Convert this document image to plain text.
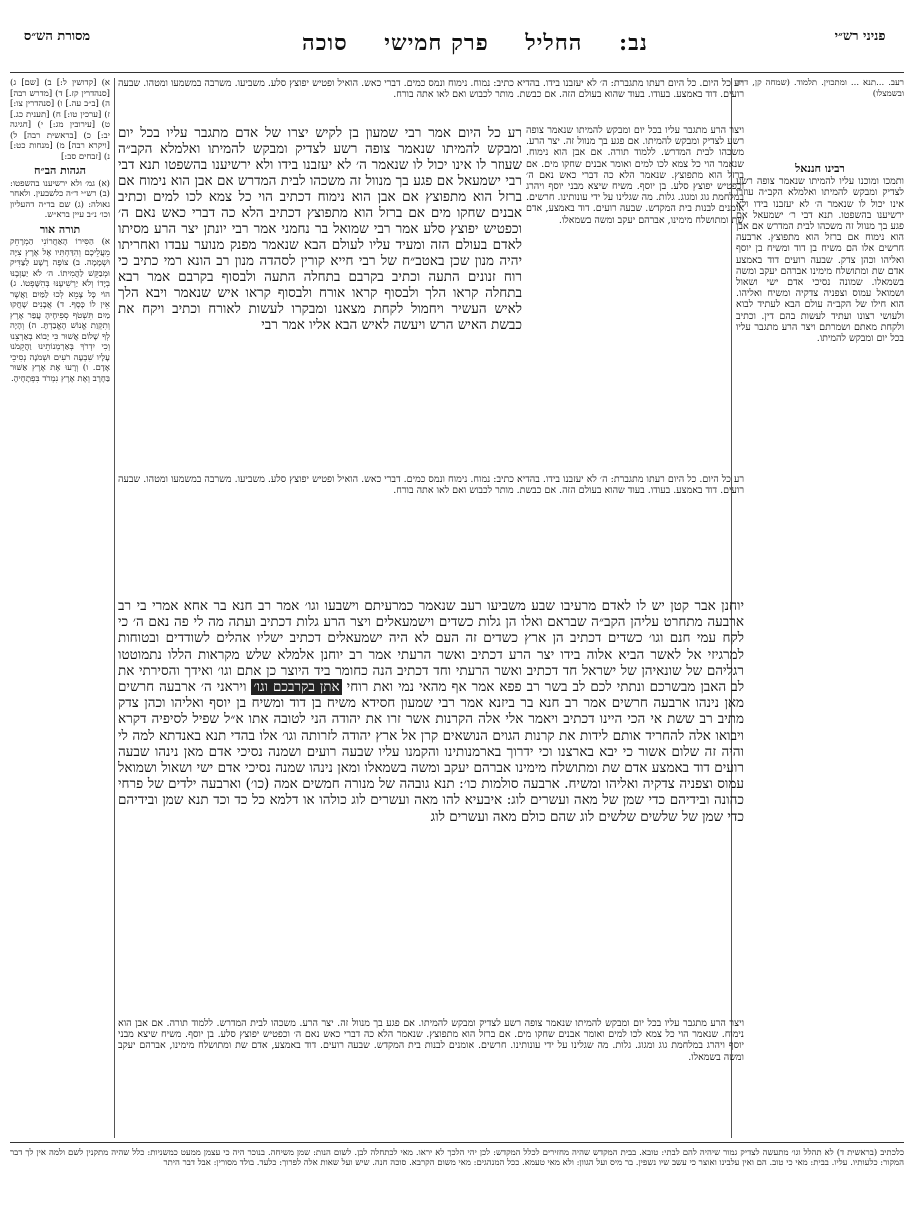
מסורת הש״ס	נב: החליל פרק חמישי סוכה	פניני רש״י
רעב. ...תנא ... ומתכוין. תלמוד. (שמחה קן, ד״ה ובשמצלו)
רבינו חננאל
ותמכו ומוכנו עליו להמיתו שנאמר צופה רשע לצדיק ומבקש להמיתו ואלמלא הקב״ה עוזרו אינו יכול לו שנאמר ה׳ לא יעזבנו בידו ולא ירשיענו בהשפטו. תנא דבי ר׳ ישמעאל אם פגע בך מנוול זה משכהו לבית המדרש אם אבן הוא נימוח אם ברזל הוא מתפוצץ. ארבעה חרשים אלו הם משיח בן דוד ומשיח בן יוסף ואליהו וכהן צדק. שבעה רועים דוד באמצע אדם שת ומתושלח מימינו אברהם יעקב ומשה בשמאלו. שמונה נסיכי אדם ישי ושאול ושמואל עמוס וצפניה צדקיה ומשיח ואליהו. הוא חילו של הקב״ה עולם הבא לעתיד לבוא ולעושי רצונו ועתיד לעשות בהם דין. וכתיב ולקחת מאתם ושמרתם ויצר הרע מתגבר עליו בכל יום ומבקש להמיתו.
א) [קדושין ל:] ב) [שם] ג) [סנהדרין קז.] ד) [מדרש רבה] ה) [ב״ב עה.] ו) [סנהדרין צו:] ז) [ערכין טו:] ח) [תענית כג.] ט) [עירובין מג:] י) [חגיגה יב:] כ) [בראשית רבה] ל) [ויקרא רבה] מ) [מנחות כט:] נ) [זבחים סב:]
הגהות הב״ח
(א) גמ׳ ולא ירשיענו בהשפטו: (ב) רש״י ד״ה כלשבעין. ולאחר גאולה: (ג) שם בד״ה דהעליון וכו׳ נ״ב עיין ברא״ש.
תורה אור
א) הַסִּירוֹ הָאַחֲרוֹנִי הַמְרָחֵק מֵעֲלֵיכֶם וְהִדַּחְתִּיו אֶל אֶרֶץ צִיָּה וּשְׁמָמָה. ב) צוֹפֶה רָשָׁע לַצַּדִּיק וּמְבַקֵּשׁ לַהֲמִיתוֹ. ה׳ לֹא יַעַזְבֶנּוּ בְיָדוֹ וְלֹא יַרְשִׁיעֶנּוּ בְּהִשָּׁפְטוֹ. ג) הוֹי כָּל צָמֵא לְכוּ לַמַּיִם וַאֲשֶׁר אֵין לוֹ כָּסֶף. ד) אֲבָנִים שָׁחֲקוּ מַיִם תִּשְׁטֹף סְפִיחֶיהָ עֲפַר אָרֶץ וְתִקְוַת אֱנוֹשׁ הֶאֱבַדְתָּ. ה) וְהָיָה לְךָ שָׁלוֹם אֲשׁוּר כִּי יָבוֹא בְאַרְצֵנוּ וְכִי יִדְרֹךְ בְּאַרְמְנוֹתֵינוּ וַהֲקֵמֹנוּ עָלָיו שִׁבְעָה רֹעִים וּשְׁמֹנָה נְסִיכֵי אָדָם. ו) וְרָעוּ אֶת אֶרֶץ אַשּׁוּר בַּחֶרֶב וְאֶת אֶרֶץ נִמְרֹד בִּפְתָחֶיהָ.
רע כל היום. כל היום רעתו מתגברת: ה׳ לא יעזבנו בידו. בהדיא כתיב: נמוח. נימוח ונמס כמים. דברי כאש. הואיל ופטיש יפוצץ סלע. משביעו. משרבה במשמעו ומטהו. שבעה רועים. דוד באמצע. בעודו. בעוד שהוא בעולם הזה. אם כבשת. מותר לכבוש ואם לאו אתה בורח.
ויצר הרע מתגבר עליו בכל יום ומבקש להמיתו שנאמר צופה רשע לצדיק ומבקש להמיתו. אם פגע בך מנוול זה. יצר הרע. משכהו לבית המדרש. ללמוד תורה. אם אבן הוא נימוח. שנאמר הוי כל צמא לכו למים ואומר אבנים שחקו מים. אם ברזל הוא מתפוצץ. שנאמר הלא כה דברי כאש נאם ה׳ וכפטיש יפוצץ סלע. בן יוסף. משיח שיצא מבני יוסף ויהרג במלחמת גוג ומגוג. גלות. מה שגלינו על ידי עונותינו. חרשים. אומנים לבנות בית המקדש. שבעה רועים. דוד באמצע, אדם שת ומתושלח מימינו, אברהם יעקב ומשה בשמאלו.
רע כל היום אמר רבי שמעון בן לקיש יצרו של אדם מתגבר עליו בכל יום ומבקש להמיתו שנאמר צופה רשע לצדיק ומבקש להמיתו ואלמלא הקב״ה שעוזר לו אינו יכול לו שנאמר ה׳ לא יעזבנו בידו ולא ירשיענו בהשפטו תנא דבי רבי ישמעאל אם פגע בך מנוול זה משכהו לבית המדרש אם אבן הוא נימוח אם ברזל הוא מתפוצץ אם אבן הוא נימוח דכתיב הוי כל צמא לכו למים וכתיב אבנים שחקו מים אם ברזל הוא מתפוצץ דכתיב הלא כה דברי כאש נאם ה׳ וכפטיש יפוצץ סלע אמר רבי שמואל בר נחמני אמר רבי יונתן יצר הרע מסיתו לאדם בעולם הזה ומעיד עליו לעולם הבא שנאמר מפנק מנוער עבדו ואחריתו יהיה מנון שכן באטב״ח של רבי חייא קורין לסהדה מנון רב הונא רמי כתיב כי רוח זנונים התעה וכתיב בקרבם בתחלה התעה ולבסוף בקרבם אמר רבא בתחלה קראו הלך ולבסוף קראו אורח ולבסוף קראו איש שנאמר ויבא הלך לאיש העשיר ויחמול לקחת מצאנו ומבקרו לעשות לאורח וכתיב ויקח את כבשת האיש הרש ויעשה לאיש הבא אליו אמר רבי
רע כל היום. כל היום רעתו מתגברת: ה׳ לא יעזבנו בידו. בהדיא כתיב: נמוח. נימוח ונמס כמים. דברי כאש. הואיל ופטיש יפוצץ סלע. משביעו. משרבה במשמעו ומטהו. שבעה רועים. דוד באמצע. בעודו. בעוד שהוא בעולם הזה. אם כבשת. מותר לכבוש ואם לאו אתה בורח.
יוחנן אבר קטן יש לו לאדם מרעיבו שבע משביעו רעב שנאמר כמרעיתם וישבעו וגו׳ אמר רב חנא בר אחא אמרי בי רב ארבעה מתחרט עליהן הקב״ה שבראם ואלו הן גלות כשדים וישמעאלים ויצר הרע גלות דכתיב ועתה מה לי פה נאם ה׳ כי לקח עמי חנם וגו׳ כשדים דכתיב הן ארץ כשדים זה העם לא היה ישמעאלים דכתיב ישליו אהלים לשודדים ובטוחות למרגיזי אל לאשר הביא אלוה בידו יצר הרע דכתיב ואשר הרעתי אמר רב יוחנן אלמלא שלש מקראות הללו נתמוטטו רגליהם של שונאיהן של ישראל חד דכתיב ואשר הרעתי וחד דכתיב הנה כחומר ביד היוצר כן אתם וגו׳ ואידך והסירתי את לב האבן מבשרכם ונתתי לכם לב בשר רב פפא אמר אף מהאי נמי ואת רוחי אתן בקרבכם וגו׳ ויראני ה׳ ארבעה חרשים מאן נינהו ארבעה חרשים אמר רב חנא בר ביזנא אמר רבי שמעון חסידא משיח בן דוד ומשיח בן יוסף ואליהו וכהן צדק מתיב רב ששת אי הכי היינו דכתיב ויאמר אלי אלה הקרנות אשר זרו את יהודה הני לטובה אתו א״ל שפיל לסיפיה דקרא ויבואו אלה להחריד אותם לידות את קרנות הגוים הנושאים קרן אל ארץ יהודה לזרותה וגו׳ אלו בהדי תנא באנדתא למה לי והיה זה שלום אשור כי יבא בארצנו וכי ידרוך בארמנותינו והקמנו עליו שבעה רועים ושמנה נסיכי אדם מאן נינהו שבעה רועים דוד באמצע אדם שת ומתושלח מימינו אברהם יעקב ומשה בשמאלו ומאן נינהו שמנה נסיכי אדם ישי ושאול ושמואל עמוס וצפניה צדקיה ואליהו ומשיח. ארבעה סולמות כו׳: תנא גובהה של מנורה חמשים אמה (כו׳) וארבעה ילדים של פרחי כהונה ובידיהם כדי שמן של מאה ועשרים לוג: איבעיא להו מאה ועשרים לוג כולהו או דלמא כל כד וכד תנא שמן ובידיהם כדי שמן של שלשים שלשים לוג שהם כולם מאה ועשרים לוג
ויצר הרע מתגבר עליו בכל יום ומבקש להמיתו שנאמר צופה רשע לצדיק ומבקש להמיתו. אם פגע בך מנוול זה. יצר הרע. משכהו לבית המדרש. ללמוד תורה. אם אבן הוא נימוח. שנאמר הוי כל צמא לכו למים ואומר אבנים שחקו מים. אם ברזל הוא מתפוצץ. שנאמר הלא כה דברי כאש נאם ה׳ וכפטיש יפוצץ סלע. בן יוסף. משיח שיצא מבני יוסף ויהרג במלחמת גוג ומגוג. גלות. מה שגלינו על ידי עונותינו. חרשים. אומנים לבנות בית המקדש. שבעה רועים. דוד באמצע, אדם שת ומתושלח מימינו, אברהם יעקב ומשה בשמאלו.
כלכתיב (בראשית ד) לא תהלל וגו׳ מתעשה לצדיק גמור שיהיה להם לבתי: טובא. בבית המקדש שהיה מחזירים לכלל המקדש: לכן יהי הלכך לא יראו. מאי לכתחלה לבן. לשום הנות: שמן משיחה. בנוכר היה כי עצמן ממעט כמשניות: כלל שהיה מתקנין לשם ולמה אין לך דבר המקור: כלעותיו. עליו. בבית: מאי כי טוב. הם ואין עלבינו ואוצר כי עשב שיו נשפין. בר מיס ועל הגוון: ולא מאי טעמא. ככל המנהגים: מאי משום הקרבא. סוכה חנה. שיש ועל שאות אלה לפרוך: כלעד. בולד מסורין: אבל דבר היתר
